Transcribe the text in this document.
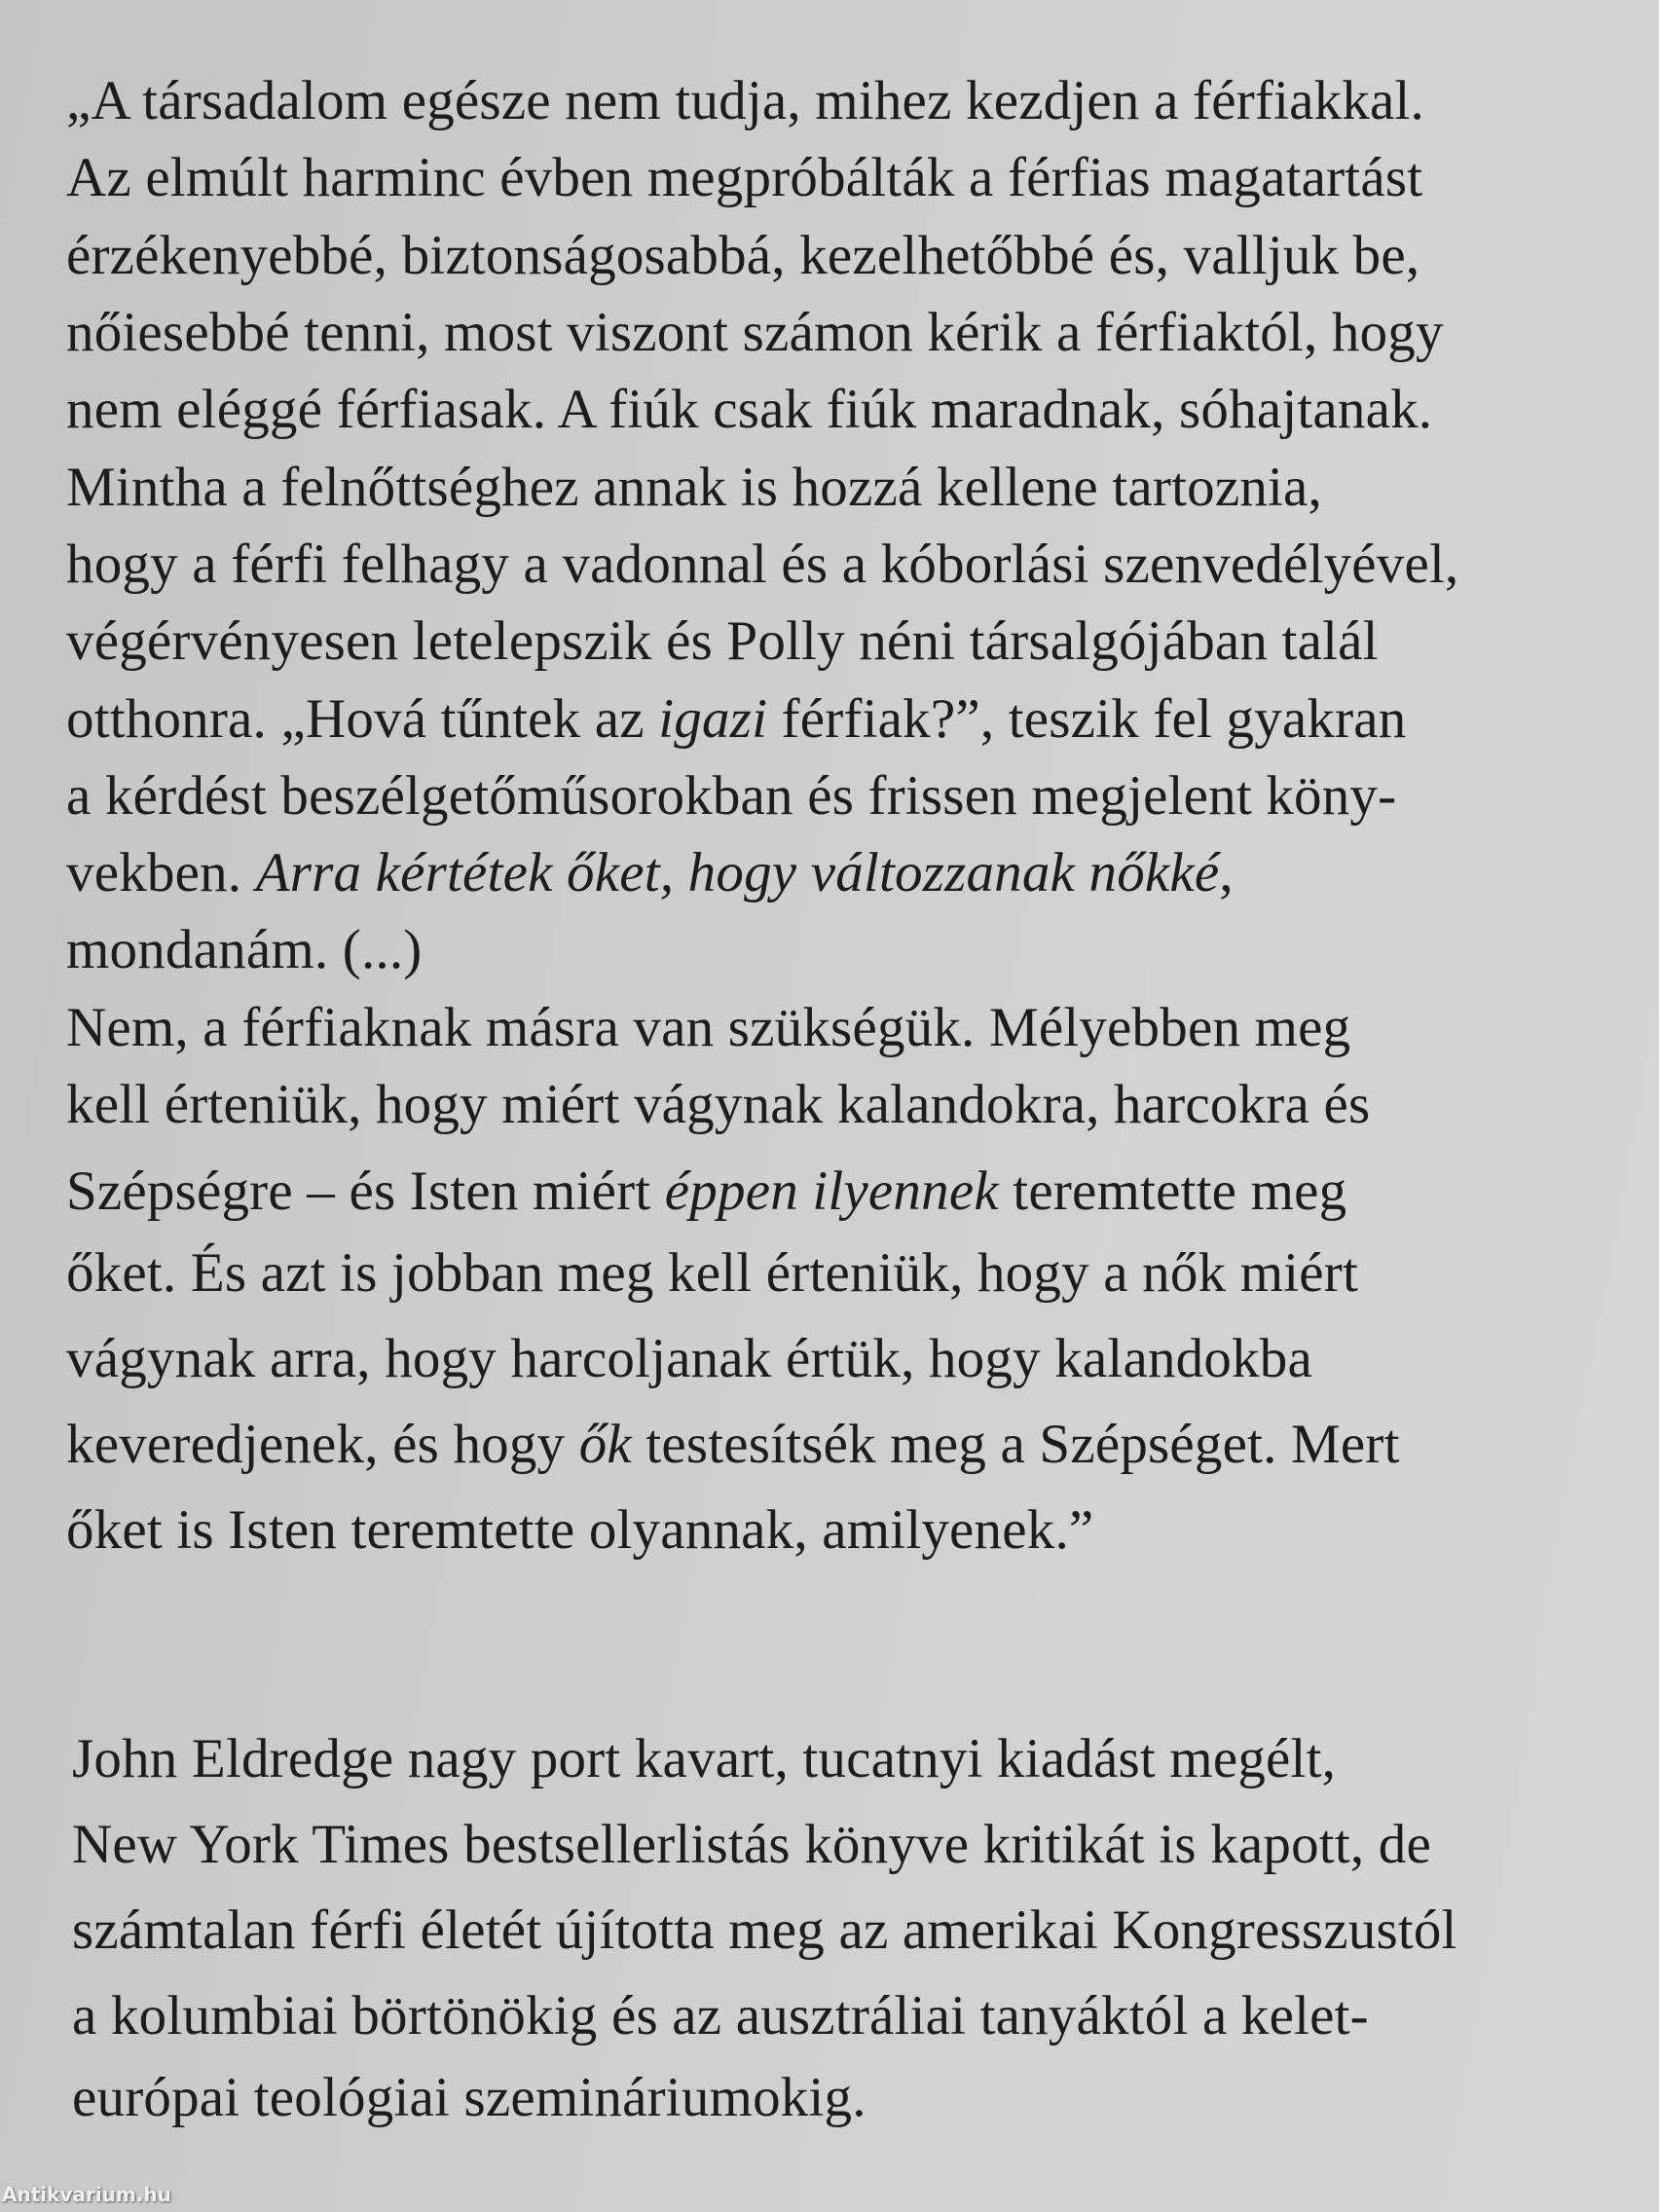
„A társadalom egésze nem tudja, mihez kezdjen a férfiakkal.
Az elmúlt harminc évben megpróbálták a férfias magatartást
érzékenyebbé, biztonságosabbá, kezelhetőbbé és, valljuk be,
nőiesebbé tenni, most viszont számon kérik a férfiaktól, hogy
nem eléggé férfiasak. A fiúk csak fiúk maradnak, sóhajtanak.
Mintha a felnőttséghez annak is hozzá kellene tartoznia,
hogy a férfi felhagy a vadonnal és a kóborlási szenvedélyével,
végérvényesen letelepszik és Polly néni társalgójában talál
otthonra. „Hová tűntek az igazi férfiak?”, teszik fel gyakran
a kérdést beszélgetőműsorokban és frissen megjelent köny-
vekben. Arra kértétek őket, hogy változzanak nőkké,
mondanám. (...)
Nem, a férfiaknak másra van szükségük. Mélyebben meg
kell érteniük, hogy miért vágynak kalandokra, harcokra és
Szépségre – és Isten miért éppen ilyennek teremtette meg
őket. És azt is jobban meg kell érteniük, hogy a nők miért
vágynak arra, hogy harcoljanak értük, hogy kalandokba
keveredjenek, és hogy ők testesítsék meg a Szépséget. Mert
őket is Isten teremtette olyannak, amilyenek.”
John Eldredge nagy port kavart, tucatnyi kiadást megélt,
New York Times bestsellerlistás könyve kritikát is kapott, de
számtalan férfi életét újította meg az amerikai Kongresszustól
a kolumbiai börtönökig és az ausztráliai tanyáktól a kelet-
európai teológiai szemináriumokig.
Antikvarium.hu
